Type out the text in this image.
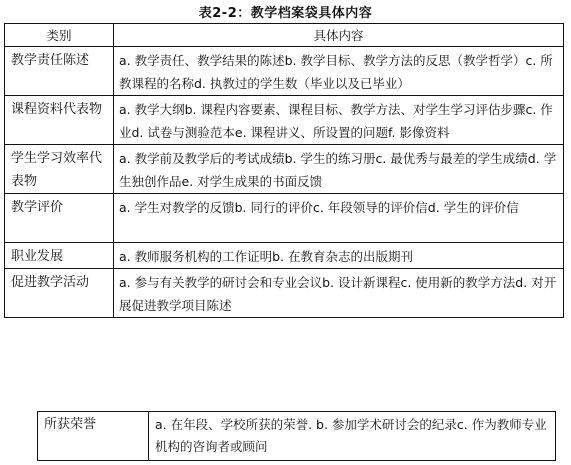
表2-2：教学档案袋具体内容
类别	具体内容
教学责任陈述	a. 教学责任、教学结果的陈述b. 教学目标、教学方法的反思（教学哲学）c. 所教课程的名称d. 执教过的学生数（毕业以及已毕业）
课程资料代表物	a. 教学大纲b. 课程内容要素、课程目标、教学方法、对学生学习评估步骤c. 作业d. 试卷与测验范本e. 课程讲义、所设置的问题f. 影像资料
学生学习效率代表物	a. 教学前及教学后的考试成绩b. 学生的练习册c. 最优秀与最差的学生成绩d. 学生独创作品e. 对学生成果的书面反馈
教学评价	a. 学生对教学的反馈b. 同行的评价c. 年段领导的评价信d. 学生的评价信
职业发展	a. 教师服务机构的工作证明b. 在教育杂志的出版期刊
促进教学活动	a. 参与有关教学的研讨会和专业会议b. 设计新课程c. 使用新的教学方法d. 对开展促进教学项目陈述
所获荣誉	a. 在年段、学校所获的荣誉. b. 参加学术研讨会的纪录c. 作为教师专业机构的咨询者或顾问
